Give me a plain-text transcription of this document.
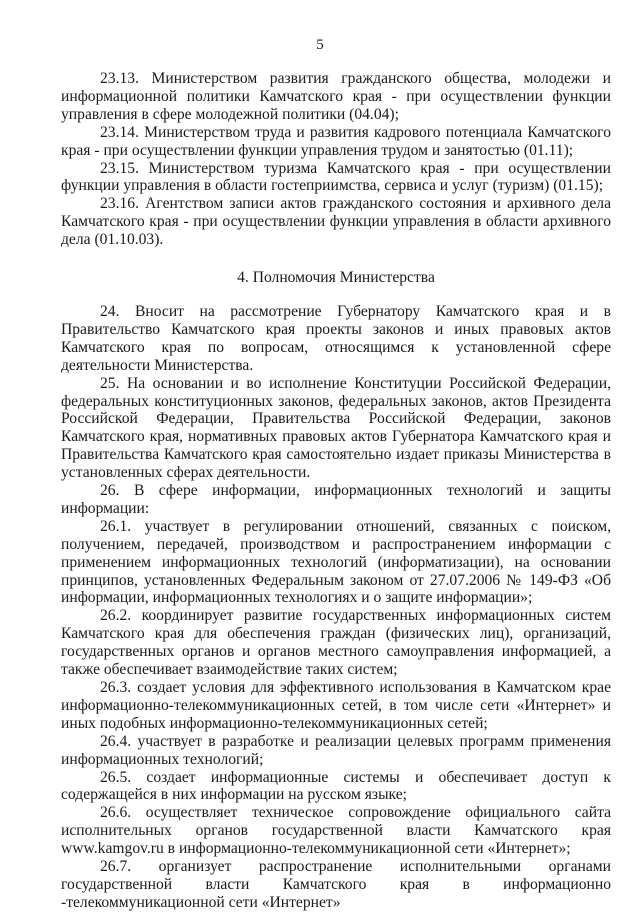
5

23.13. Министерством развития гражданского общества, молодежи и информационной политики Камчатского края - при осуществлении функции управления в сфере молодежной политики (04.04);

23.14. Министерством труда и развития кадрового потенциала Камчатского края - при осуществлении функции управления трудом и занятостью (01.11);

23.15. Министерством туризма Камчатского края - при осуществлении функции управления в области гостеприимства, сервиса и услуг (туризм) (01.15);

23.16. Агентством записи актов гражданского состояния и архивного дела Камчатского края - при осуществлении функции управления в области архивного дела (01.10.03).

4. Полномочия Министерства

24. Вносит на рассмотрение Губернатору Камчатского края и в Правительство Камчатского края проекты законов и иных правовых актов Камчатского края по вопросам, относящимся к установленной сфере деятельности Министерства.

25. На основании и во исполнение Конституции Российской Федерации, федеральных конституционных законов, федеральных законов, актов Президента Российской Федерации, Правительства Российской Федерации, законов Камчатского края, нормативных правовых актов Губернатора Камчатского края и Правительства Камчатского края самостоятельно издает приказы Министерства в установленных сферах деятельности.

26. В сфере информации, информационных технологий и защиты информации:

26.1. участвует в регулировании отношений, связанных с поиском, получением, передачей, производством и распространением информации с применением информационных технологий (информатизации), на основании принципов, установленных Федеральным законом от 27.07.2006 № 149-ФЗ «Об информации, информационных технологиях и о защите информации»;

26.2. координирует развитие государственных информационных систем Камчатского края для обеспечения граждан (физических лиц), организаций, государственных органов и органов местного самоуправления информацией, а также обеспечивает взаимодействие таких систем;

26.3. создает условия для эффективного использования в Камчатском крае информационно-телекоммуникационных сетей, в том числе сети «Интернет» и иных подобных информационно-телекоммуникационных сетей;

26.4. участвует в разработке и реализации целевых программ применения информационных технологий;

26.5. создает информационные системы и обеспечивает доступ к содержащейся в них информации на русском языке;

26.6. осуществляет техническое сопровождение официального сайта исполнительных органов государственной власти Камчатского края www.kamgov.ru в информационно-телекоммуникационной сети «Интернет»;

26.7. организует распространение исполнительными органами государственной власти Камчатского края в информационно -телекоммуникационной сети «Интернет»
